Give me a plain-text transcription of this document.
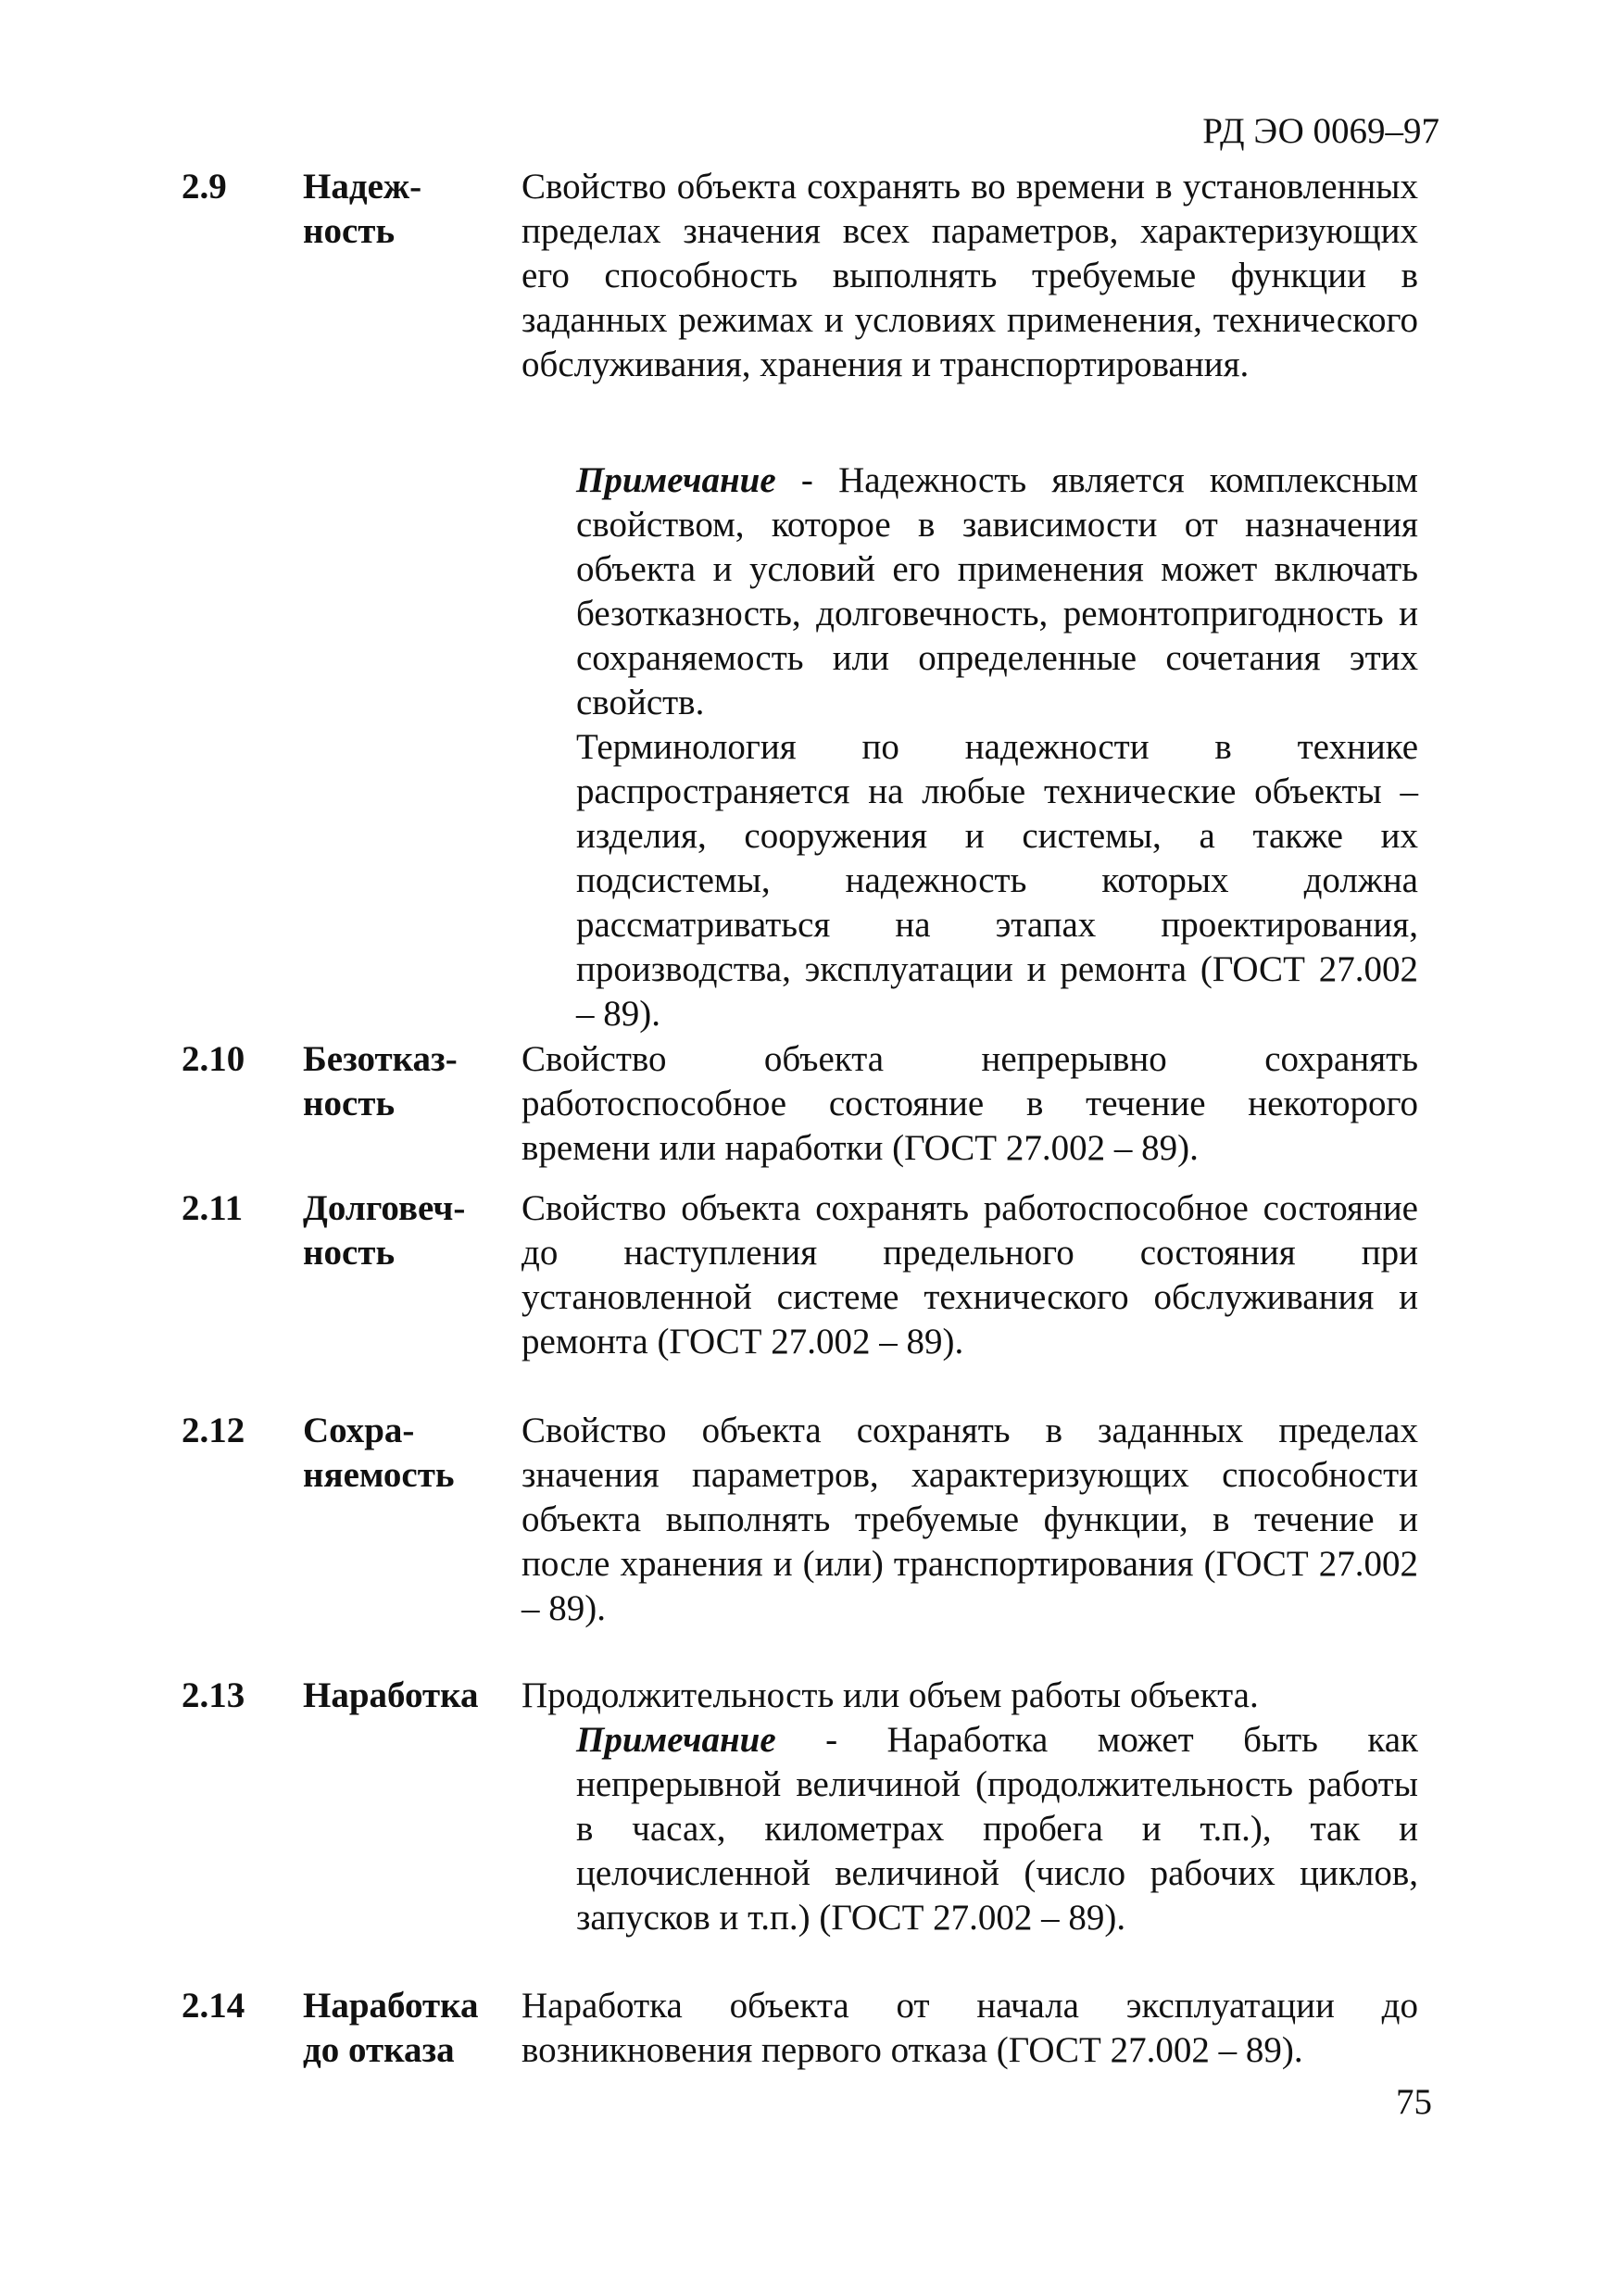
РД ЭО 0069–97
2.9 Надеж-
ность
Свойство объекта сохранять во времени в установленных пределах значения всех параметров, характеризующих его способность выполнять требуемые функции в заданных режимах и условиях применения, технического обслуживания, хранения и транспортирования.
Примечание - Надежность является комплексным свойством, которое в зависимости от назначения объекта и условий его применения может включать безотказность, долговечность, ремонтопригодность и сохраняемость или определенные сочетания этих свойств.
Терминология по надежности в технике распространяется на любые технические объекты – изделия, сооружения и системы, а также их подсистемы, надежность которых должна рассматриваться на этапах проектирования, производства, эксплуатации и ремонта (ГОСТ 27.002 – 89).
2.10 Безотказ-
ность
Свойство объекта непрерывно сохранять работоспособное состояние в течение некоторого времени или наработки (ГОСТ 27.002 – 89).
2.11 Долговеч-
ность
Свойство объекта сохранять работоспособное состояние до наступления предельного состояния при установленной системе технического обслуживания и ремонта (ГОСТ 27.002 – 89).
2.12 Сохра-
няемость
Свойство объекта сохранять в заданных пределах значения параметров, характеризующих способности объекта выполнять требуемые функции, в течение и после хранения и (или) транспортирования (ГОСТ 27.002 – 89).
2.13 Наработка Продолжительность или объем работы объекта.
Примечание - Наработка может быть как непрерывной величиной (продолжительность работы в часах, километрах пробега и т.п.), так и целочисленной величиной (число рабочих циклов, запусков и т.п.) (ГОСТ 27.002 – 89).
2.14 Наработка
до отказа
Наработка объекта от начала эксплуатации до возникновения первого отказа (ГОСТ 27.002 – 89).
75
